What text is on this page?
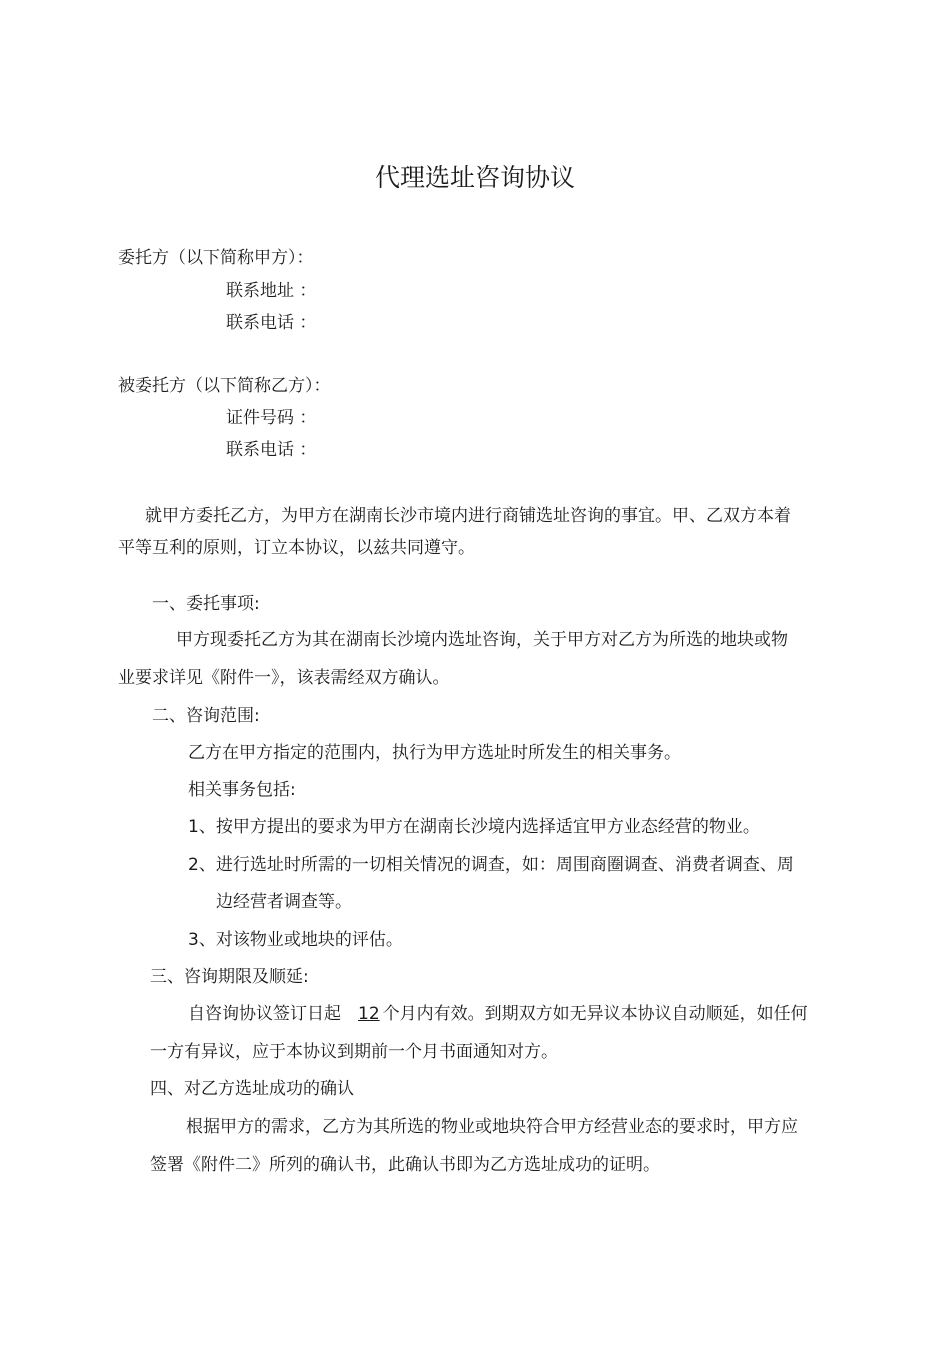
代理选址咨询协议
委托方（以下简称甲方）：
联系地址 ：
联系电话 ：
被委托方（以下简称乙方）：
证件号码 ：
联系电话 ：
就甲方委托乙方，为甲方在湖南长沙市境内进行商铺选址咨询的事宜。甲、乙双方本着
平等互利的原则，订立本协议，以兹共同遵守。
一、委托事项:
甲方现委托乙方为其在湖南长沙境内选址咨询，关于甲方对乙方为所选的地块或物
业要求详见《附件一》，该表需经双方确认。
二、咨询范围:
乙方在甲方指定的范围内，执行为甲方选址时所发生的相关事务。
相关事务包括:
1、按甲方提出的要求为甲方在湖南长沙境内选择适宜甲方业态经营的物业。
2、进行选址时所需的一切相关情况的调查，如：周围商圈调查、消费者调查、周
边经营者调查等。
3、对该物业或地块的评估。
三、咨询期限及顺延:
自咨询协议签订日起 12 个月内有效。到期双方如无异议本协议自动顺延，如任何
一方有异议，应于本协议到期前一个月书面通知对方。
四、对乙方选址成功的确认
根据甲方的需求，乙方为其所选的物业或地块符合甲方经营业态的要求时，甲方应
签署《附件二》所列的确认书，此确认书即为乙方选址成功的证明。
